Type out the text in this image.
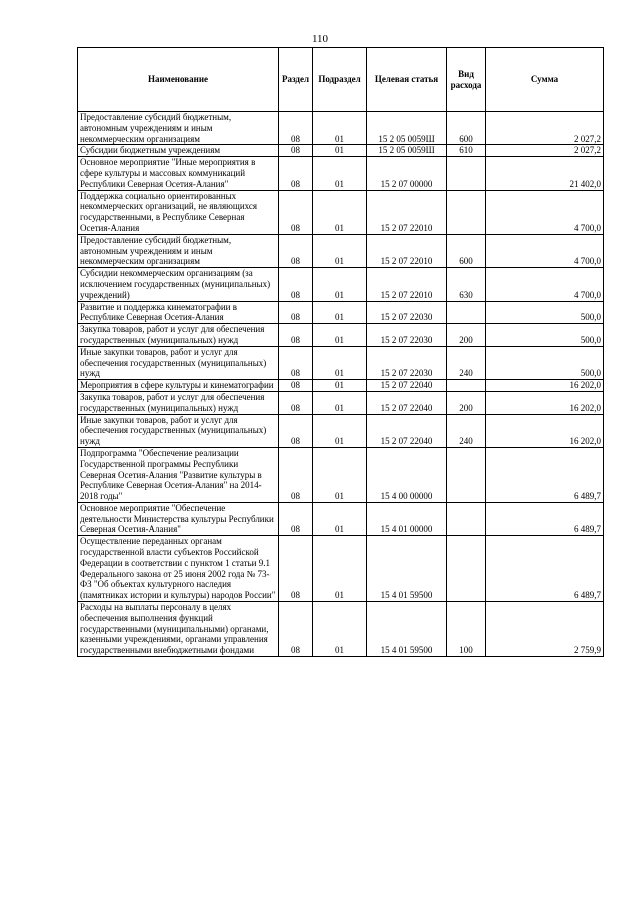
110
Наименование	Раздел	Подраздел	Целевая статья	Вид расхода	Сумма
Предоставление субсидий бюджетным, автономным учреждениям и иным некоммерческим организациям	08	01	15 2 05 0059Ш	600	2 027,2
Субсидии бюджетным учреждениям	08	01	15 2 05 0059Ш	610	2 027,2
Основное мероприятие "Иные мероприятия в сфере культуры и массовых коммуникаций Республики Северная Осетия-Алания"	08	01	15 2 07 00000		21 402,0
Поддержка социально ориентированных некоммерческих организаций, не являющихся государственными, в Республике Северная Осетия-Алания	08	01	15 2 07 22010		4 700,0
Предоставление субсидий бюджетным, автономным учреждениям и иным некоммерческим организациям	08	01	15 2 07 22010	600	4 700,0
Субсидии некоммерческим организациям (за исключением государственных (муниципальных) учреждений)	08	01	15 2 07 22010	630	4 700,0
Развитие и поддержка кинематографии в Республике Северная Осетия-Алания	08	01	15 2 07 22030		500,0
Закупка товаров, работ и услуг для обеспечения государственных (муниципальных) нужд	08	01	15 2 07 22030	200	500,0
Иные закупки товаров, работ и услуг для обеспечения государственных (муниципальных) нужд	08	01	15 2 07 22030	240	500,0
Мероприятия в сфере культуры и кинематографии	08	01	15 2 07 22040		16 202,0
Закупка товаров, работ и услуг для обеспечения государственных (муниципальных) нужд	08	01	15 2 07 22040	200	16 202,0
Иные закупки товаров, работ и услуг для обеспечения государственных (муниципальных) нужд	08	01	15 2 07 22040	240	16 202,0
Подпрограмма "Обеспечение реализации Государственной программы Республики Северная Осетия-Алания "Развитие культуры в Республике Северная Осетия-Алания" на 2014-2018 годы"	08	01	15 4 00 00000		6 489,7
Основное мероприятие "Обеспечение деятельности Министерства культуры Республики Северная Осетия-Алания"	08	01	15 4 01 00000		6 489,7
Осуществление переданных органам государственной власти субъектов Российской Федерации в соответствии с пунктом 1 статьи 9.1 Федерального закона от 25 июня 2002 года № 73-ФЗ "Об объектах культурного наследия (памятниках истории и культуры) народов России"	08	01	15 4 01 59500		6 489,7
Расходы на выплаты персоналу в целях обеспечения выполнения функций государственными (муниципальными) органами, казенными учреждениями, органами управления государственными внебюджетными фондами	08	01	15 4 01 59500	100	2 759,9
